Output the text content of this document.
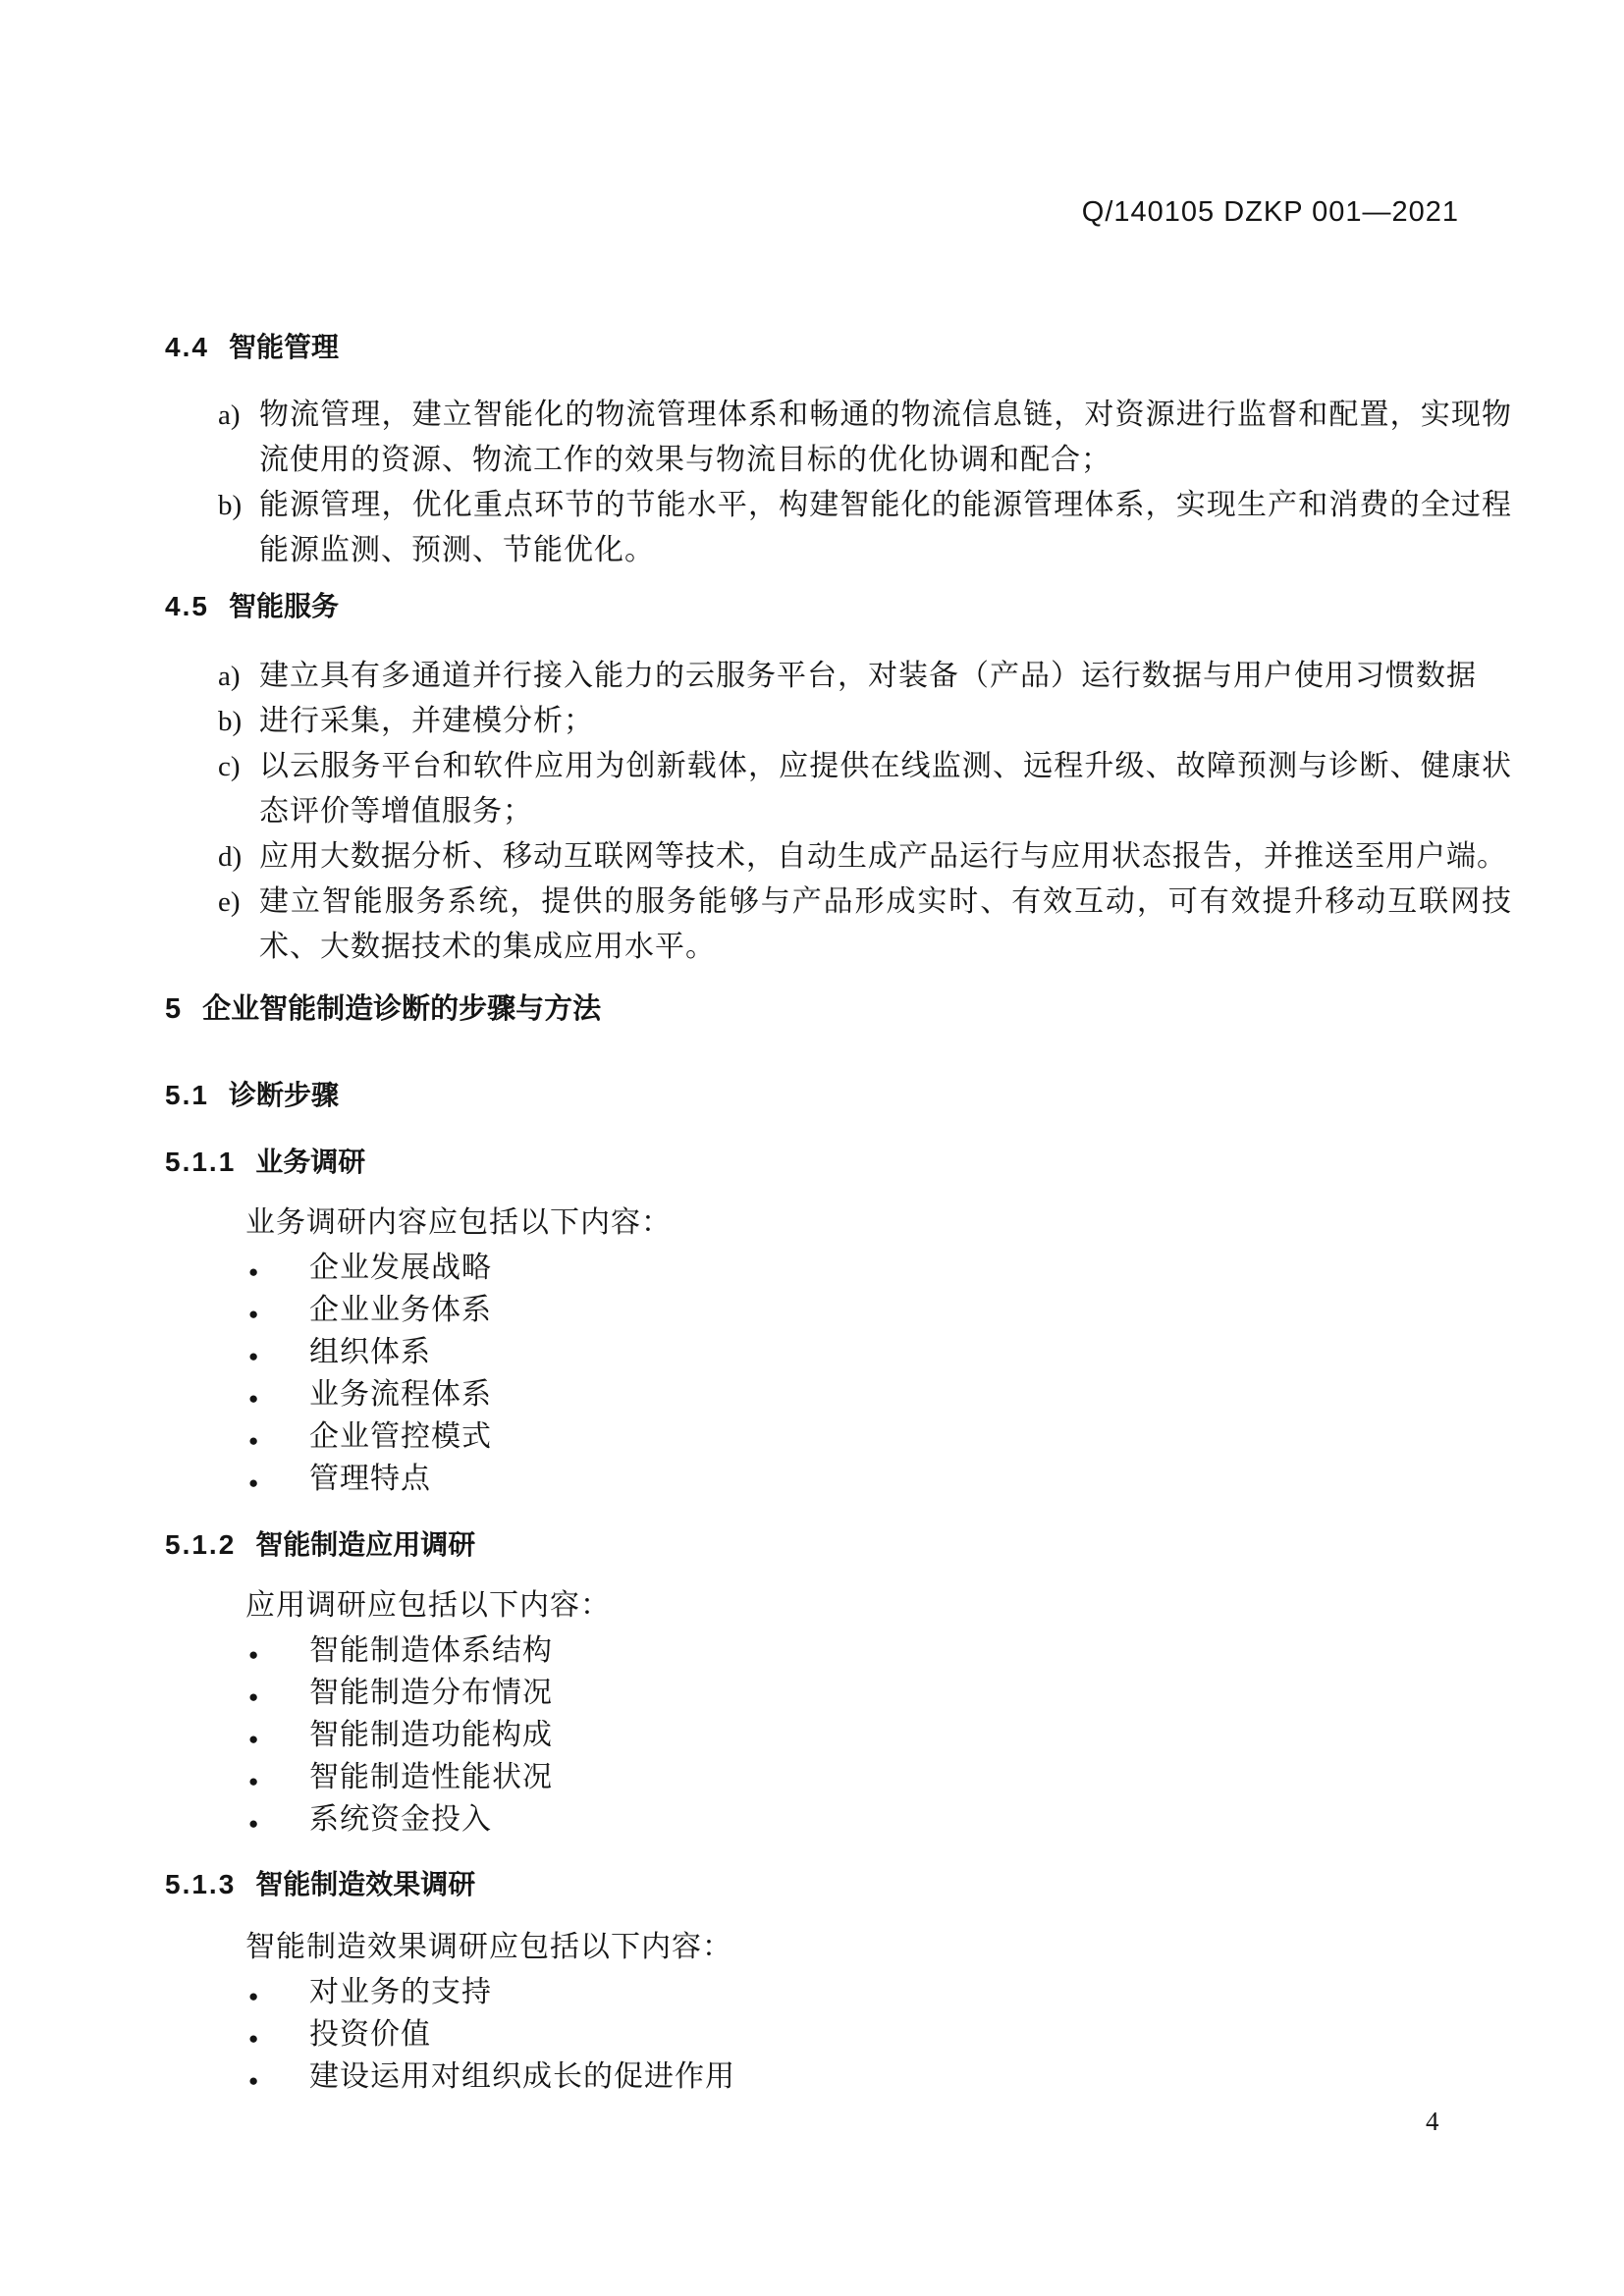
Q/140105 DZKP 001—2021
4.4 智能管理
a) 物流管理，建立智能化的物流管理体系和畅通的物流信息链，对资源进行监督和配置，实现物流使用的资源、物流工作的效果与物流目标的优化协调和配合；

b) 能源管理，优化重点环节的节能水平，构建智能化的能源管理体系，实现生产和消费的全过程能源监测、预测、节能优化。

4.5 智能服务
a) 建立具有多通道并行接入能力的云服务平台，对装备（产品）运行数据与用户使用习惯数据

b) 进行采集，并建模分析；

c) 以云服务平台和软件应用为创新载体，应提供在线监测、远程升级、故障预测与诊断、健康状态评价等增值服务；

d) 应用大数据分析、移动互联网等技术，自动生成产品运行与应用状态报告，并推送至用户端。

e) 建立智能服务系统，提供的服务能够与产品形成实时、有效互动，可有效提升移动互联网技术、大数据技术的集成应用水平。

5 企业智能制造诊断的步骤与方法
5.1 诊断步骤
5.1.1 业务调研
业务调研内容应包括以下内容：
●	企业发展战略
●	企业业务体系
●	组织体系
●	业务流程体系
●	企业管控模式
●	管理特点
5.1.2 智能制造应用调研
应用调研应包括以下内容：
●	智能制造体系结构
●	智能制造分布情况
●	智能制造功能构成
●	智能制造性能状况
●	系统资金投入
5.1.3 智能制造效果调研
智能制造效果调研应包括以下内容：
●	对业务的支持
●	投资价值
●	建设运用对组织成长的促进作用
4
